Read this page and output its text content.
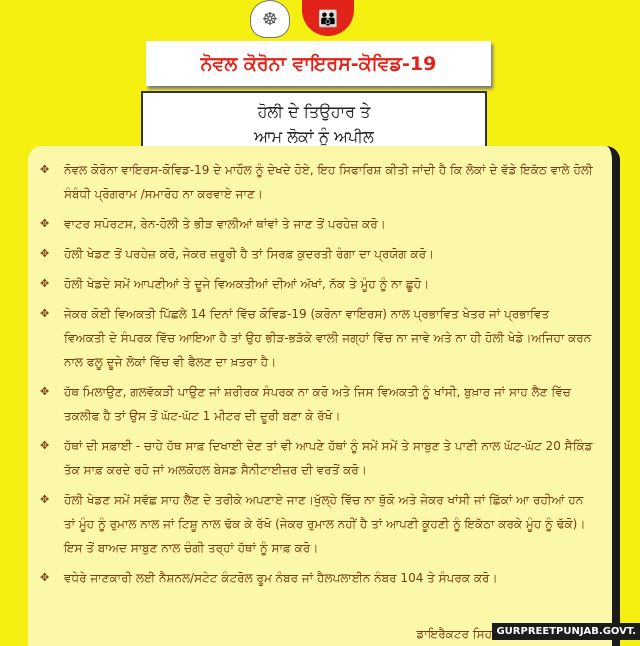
☸	👪
ਨੋਵਲ ਕੋਰੋਨਾ ਵਾਇਰਸ-ਕੋਵਿਡ-19
ਹੋਲੀ ਦੇ ਤਿਉਹਾਰ ਤੇ
ਆਮ ਲੋਕਾਂ ਨੂੰ ਅਪੀਲ
✥ ਨੋਵਲ ਕੋਰੋਨਾ ਵਾਇਰਸ-ਕੋਵਿਡ-19 ਦੇ ਮਾਹੌਲ ਨੂੰ ਦੇਖਦੇ ਹੋਏ, ਇਹ ਸਿਫਾਰਿਸ਼ ਕੀਤੀ ਜਾਂਦੀ ਹੈ ਕਿ ਲੋਕਾਂ ਦੇ ਵੱਡੇ ਇਕੱਠ ਵਾਲੇ ਹੋਲੀ ਸੰਬੰਧੀ ਪ੍ਰੋਗਰਾਮ /ਸਮਾਰੋਹ ਨਾ ਕਰਵਾਏ ਜਾਣ।
✥ ਵਾਟਰ ਸਪੋਰਟਸ, ਰੇਨ-ਹੋਲੀ ਤੇ ਭੀੜ ਵਾਲੀਆਂ ਥਾਂਵਾਂ ਤੇ ਜਾਣ ਤੋਂ ਪਰਹੇਜ਼ ਕਰੋ।
✥ ਹੋਲੀ ਖੇਡਣ ਤੋਂ ਪਰਹੇਜ਼ ਕਰੋ, ਜੇਕਰ ਜ਼ਰੂਰੀ ਹੈ ਤਾਂ ਸਿਰਫ਼ ਕੁਦਰਤੀ ਰੰਗਾ ਦਾ ਪ੍ਰਯੋਗ ਕਰੋ।
✥ ਹੋਲੀ ਖੇਡਦੇ ਸਮੇਂ ਆਪਣੀਆਂ ਤੇ ਦੂਜੇ ਵਿਅਕਤੀਆਂ ਦੀਆਂ ਅੱਖਾਂ, ਨੱਕ ਤੇ ਮੂੰਹ ਨੂੰ ਨਾ ਛੂਹੋ।
✥ ਜੇਕਰ ਕੋਈ ਵਿਅਕਤੀ ਪਿੱਛਲੇ 14 ਦਿਨਾਂ ਵਿੱਚ ਕੋਵਿਡ-19 (ਕਰੋਨਾ ਵਾਇਰਸ) ਨਾਲ ਪ੍ਰਭਾਵਿਤ ਖੇਤਰ ਜਾਂ ਪ੍ਰਭਾਵਿਤ ਵਿਅਕਤੀ ਦੇ ਸੰਪਰਕ ਵਿੱਚ ਆਇਆ ਹੈ ਤਾਂ ਉਹ ਭੀੜ-ਭੜੱਕੇ ਵਾਲੀ ਜਗ੍ਹਾਂ ਵਿੱਚ ਨਾ ਜਾਵੇ ਅਤੇ ਨਾ ਹੀ ਹੋਲੀ ਖੇਡੇ।ਅਜਿਹਾ ਕਰਨ ਨਾਲ ਫਲੂ ਦੂਜੇ ਲੋਕਾਂ ਵਿੱਚ ਵੀ ਫੈਲਣ ਦਾ ਖ਼ਤਰਾ ਹੈ।
✥ ਹੱਥ ਮਿਲਾਉਣ, ਗਲਵੱਕੜੀ ਪਾਉਣ ਜਾਂ ਸ਼ਰੀਰਕ ਸੰਪਰਕ ਨਾ ਕਰੋ ਅਤੇ ਜਿਸ ਵਿਅਕਤੀ ਨੂੰ ਖਾਂਸੀ, ਬੁਖ਼ਾਰ ਜਾਂ ਸਾਹ ਲੈਣ ਵਿੱਚ ਤਕਲੀਫ ਹੈ ਤਾਂ ਉਸ ਤੋਂ ਘੱਟ-ਘੱਟ 1 ਮੀਟਰ ਦੀ ਦੂਰੀ ਬਣਾ ਕੇ ਰੱਖੋ।
✥ ਹੱਥਾਂ ਦੀ ਸਫ਼ਾਈ - ਚਾਹੇ ਹੱਥ ਸਾਫ਼ ਦਿਖਾਈ ਦੇਣ ਤਾਂ ਵੀ ਆਪਣੇ ਹੱਥਾਂ ਨੂੰ ਸਮੇਂ ਸਮੇਂ ਤੇ ਸਾਬੁਣ ਤੇ ਪਾਣੀ ਨਾਲ ਘੱਟ-ਘੱਟ 20 ਸੈਕਿੰਡ ਤੱਕ ਸਾਫ਼ ਕਰਦੇ ਰਹੋ ਜਾਂ ਅਲਕੋਹਲ ਬੇਸਡ ਸੈਨੀਟਾਈਜ਼ਰ ਦੀ ਵਰਤੋਂ ਕਰੋ।
✥ ਹੋਲੀ ਖੇਡਣ ਸਮੇਂ ਸਵੱਛ ਸਾਹ ਲੈਣ ਦੇ ਤਰੀਕੇ ਅਪਣਾਏ ਜਾਣ।ਖੁੱਲ੍ਹੇ ਵਿੱਚ ਨਾ ਥੁੱਕੋ ਅਤੇ ਜੇਕਰ ਖਾਂਸੀ ਜਾਂ ਛਿੱਕਾਂ ਆ ਰਹੀਆਂ ਹਨ ਤਾਂ ਮੂੰਹ ਨੂੰ ਰੁਮਾਲ ਨਾਲ ਜਾਂ ਟਿਸ਼ੂ ਨਾਲ ਢੱਕ ਕੇ ਰੱਖੋ (ਜੇਕਰ ਰੁਮਾਲ ਨਹੀਂ ਹੈ ਤਾਂ ਆਪਣੀ ਕੂਹਣੀ ਨੂੰ ਇਕੱਠਾ ਕਰਕੇ ਮੂੰਹ ਨੂੰ ਢੱਕੋ)।ਇਸ ਤੋਂ ਬਾਅਦ ਸਾਬੁਣ ਨਾਲ ਚੰਗੀ ਤਰ੍ਹਾਂ ਹੱਥਾਂ ਨੂੰ ਸਾਫ਼ ਕਰੋ।
✥ ਵਧੇਰੇ ਜਾਣਕਾਰੀ ਲਈ ਨੈਸ਼ਨਲ/ਸਟੇਟ ਕੰਟਰੋਲ ਰੂਮ ਨੰਬਰ ਜਾਂ ਹੈਲਪਲਾਈਨ ਨੰਬਰ 104 ਤੇ ਸੰਪਰਕ ਕਰੋ।
ਡਾਇਰੈਕਟਰ ਸਿਹ GURPREETPUNJAB.GOVT.
